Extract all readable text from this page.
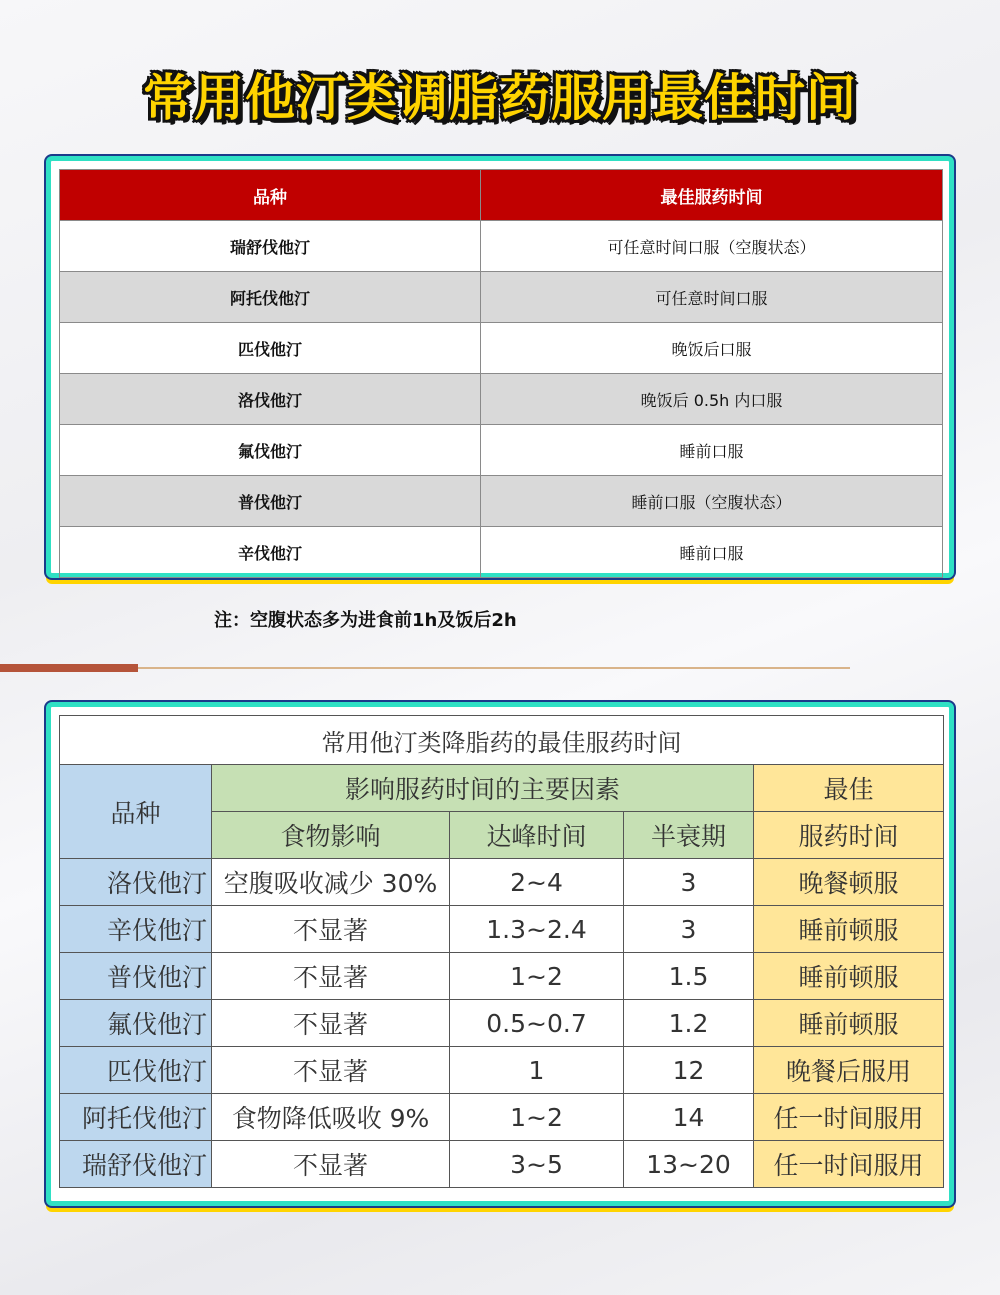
常用他汀类调脂药服用最佳时间
品种	最佳服药时间
瑞舒伐他汀	可任意时间口服（空腹状态）
阿托伐他汀	可任意时间口服
匹伐他汀	晚饭后口服
洛伐他汀	晚饭后 0.5h 内口服
氟伐他汀	睡前口服
普伐他汀	睡前口服（空腹状态）
辛伐他汀	睡前口服
注：空腹状态多为进食前1h及饭后2h
常用他汀类降脂药的最佳服药时间				
品种	影响服药时间的主要因素			最佳
	食物影响	达峰时间	半衰期	服药时间
洛伐他汀	空腹吸收减少 30%	2~4	3	晚餐顿服
辛伐他汀	不显著	1.3~2.4	3	睡前顿服
普伐他汀	不显著	1~2	1.5	睡前顿服
氟伐他汀	不显著	0.5~0.7	1.2	睡前顿服
匹伐他汀	不显著	1	12	晚餐后服用
阿托伐他汀	食物降低吸收 9%	1~2	14	任一时间服用
瑞舒伐他汀	不显著	3~5	13~20	任一时间服用
